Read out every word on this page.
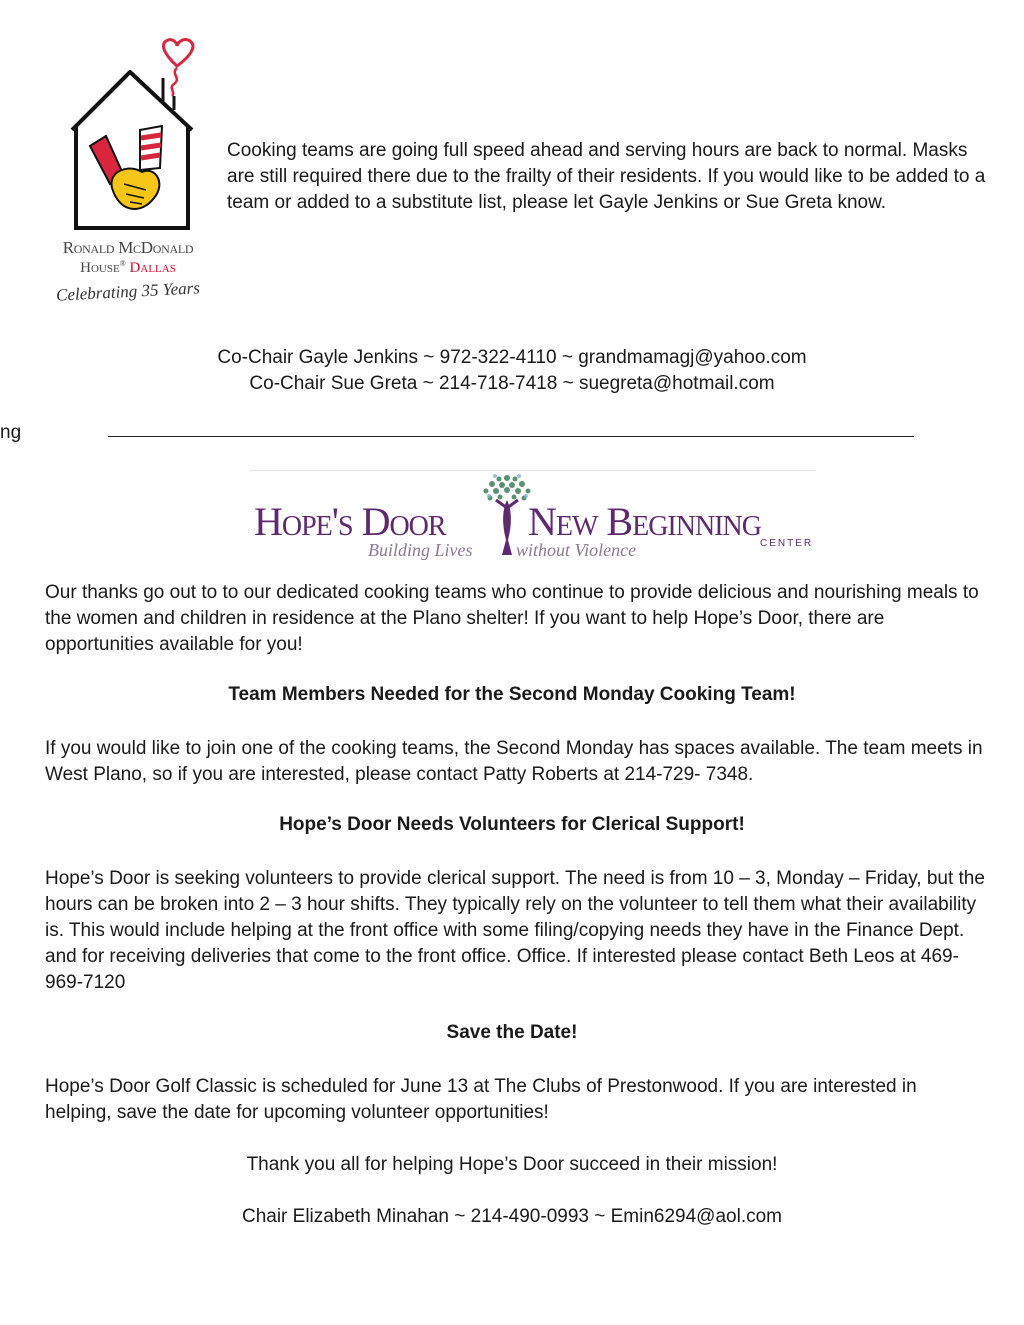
Ronald McDonald
House® Dallas
Celebrating 35 Years
Cooking teams are going full speed ahead and serving hours are back to normal. Masks are still required there due to the frailty of their residents. If you would like to be added to a team or added to a substitute list, please let Gayle Jenkins or Sue Greta know.
Co-Chair Gayle Jenkins ~ 972-322-4110 ~ grandmamagj@yahoo.com
Co-Chair Sue Greta ~ 214-718-7418 ~ suegreta@hotmail.com
ng
Hope's Door New Beginning
Building Lives without Violence	CENTER
Our thanks go out to to our dedicated cooking teams who continue to provide delicious and nourishing meals to the women and children in residence at the Plano shelter! If you want to help Hope’s Door, there are opportunities available for you!
Team Members Needed for the Second Monday Cooking Team!
If you would like to join one of the cooking teams, the Second Monday has spaces available. The team meets in West Plano, so if you are interested, please contact Patty Roberts at 214-729- 7348.
Hope’s Door Needs Volunteers for Clerical Support!
Hope’s Door is seeking volunteers to provide clerical support. The need is from 10 – 3, Monday – Friday, but the hours can be broken into 2 – 3 hour shifts. They typically rely on the volunteer to tell them what their availability is. This would include helping at the front office with some filing/copying needs they have in the Finance Dept. and for receiving deliveries that come to the front office. Office. If interested please contact Beth Leos at 469-969-7120
Save the Date!
Hope’s Door Golf Classic is scheduled for June 13 at The Clubs of Prestonwood. If you are interested in helping, save the date for upcoming volunteer opportunities!
Thank you all for helping Hope’s Door succeed in their mission!
Chair Elizabeth Minahan ~ 214-490-0993 ~ Emin6294@aol.com
